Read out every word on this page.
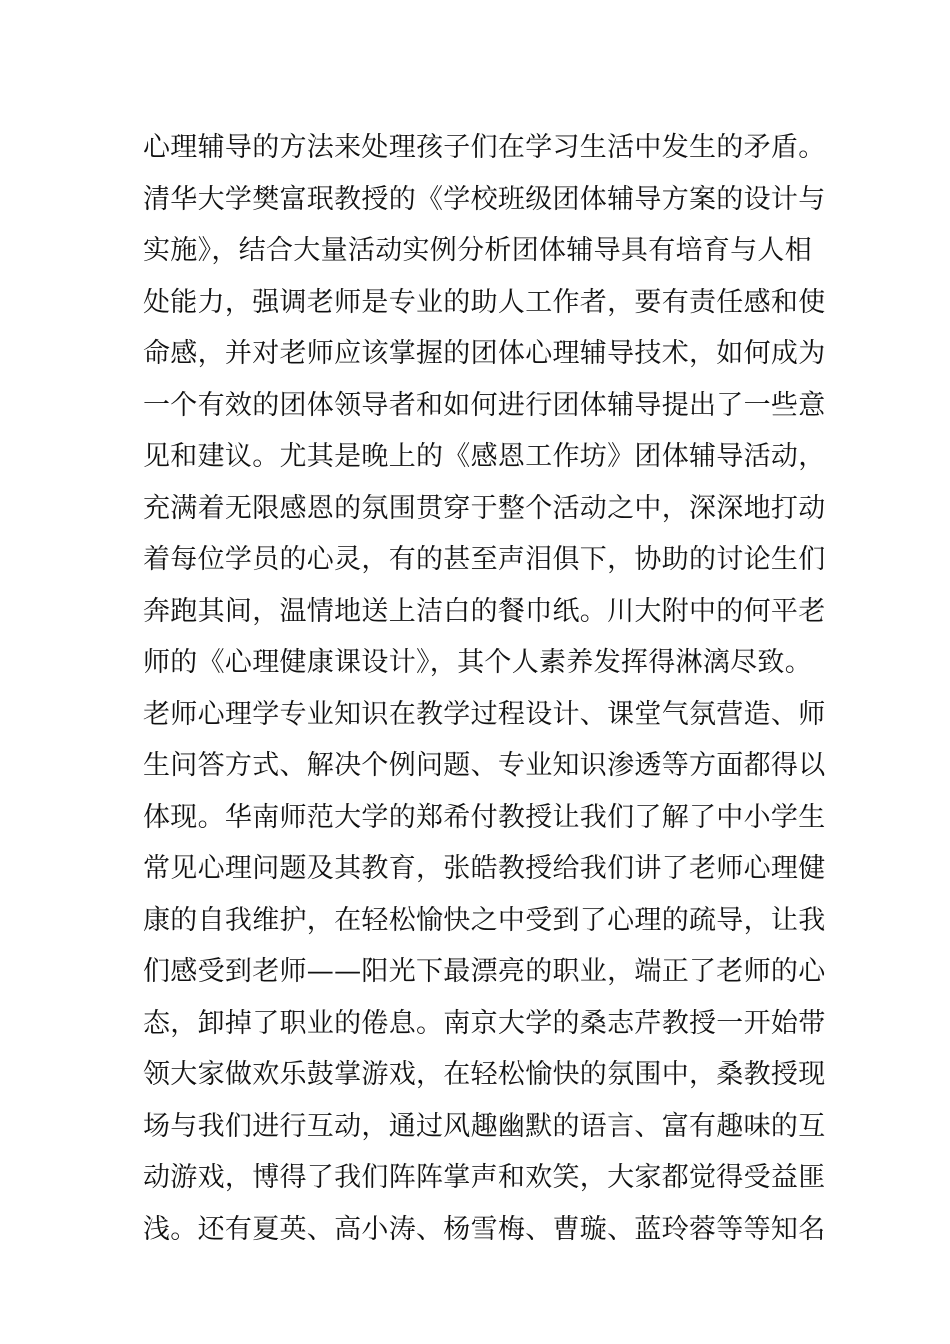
心理辅导的方法来处理孩子们在学习生活中发生的矛盾。
清华大学樊富珉教授的《学校班级团体辅导方案的设计与
实施》，结合大量活动实例分析团体辅导具有培育与人相
处能力，强调老师是专业的助人工作者，要有责任感和使
命感，并对老师应该掌握的团体心理辅导技术，如何成为
一个有效的团体领导者和如何进行团体辅导提出了一些意
见和建议。尤其是晚上的《感恩工作坊》团体辅导活动，
充满着无限感恩的氛围贯穿于整个活动之中，深深地打动
着每位学员的心灵，有的甚至声泪俱下，协助的讨论生们
奔跑其间，温情地送上洁白的餐巾纸。川大附中的何平老
师的《心理健康课设计》，其个人素养发挥得淋漓尽致。
老师心理学专业知识在教学过程设计、课堂气氛营造、师
生问答方式、解决个例问题、专业知识渗透等方面都得以
体现。华南师范大学的郑希付教授让我们了解了中小学生
常见心理问题及其教育，张皓教授给我们讲了老师心理健
康的自我维护，在轻松愉快之中受到了心理的疏导，让我
们感受到老师——阳光下最漂亮的职业，端正了老师的心
态，卸掉了职业的倦息。南京大学的桑志芹教授一开始带
领大家做欢乐鼓掌游戏，在轻松愉快的氛围中，桑教授现
场与我们进行互动，通过风趣幽默的语言、富有趣味的互
动游戏，博得了我们阵阵掌声和欢笑，大家都觉得受益匪
浅。还有夏英、高小涛、杨雪梅、曹璇、蓝玲蓉等等知名
